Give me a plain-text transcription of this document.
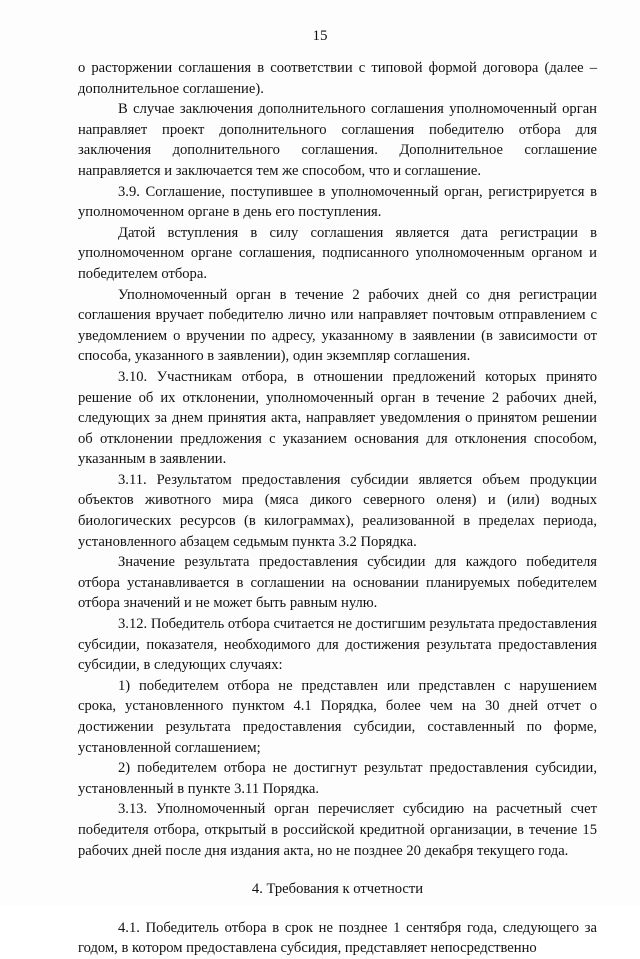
15

о расторжении соглашения в соответствии с типовой формой договора (далее – дополнительное соглашение).

В случае заключения дополнительного соглашения уполномоченный орган направляет проект дополнительного соглашения победителю отбора для заключения дополнительного соглашения. Дополнительное соглашение направляется и заключается тем же способом, что и соглашение.

3.9. Соглашение, поступившее в уполномоченный орган, регистрируется в уполномоченном органе в день его поступления.

Датой вступления в силу соглашения является дата регистрации в уполномоченном органе соглашения, подписанного уполномоченным органом и победителем отбора.

Уполномоченный орган в течение 2 рабочих дней со дня регистрации соглашения вручает победителю лично или направляет почтовым отправлением с уведомлением о вручении по адресу, указанному в заявлении (в зависимости от способа, указанного в заявлении), один экземпляр соглашения.

3.10. Участникам отбора, в отношении предложений которых принято решение об их отклонении, уполномоченный орган в течение 2 рабочих дней, следующих за днем принятия акта, направляет уведомления о принятом решении об отклонении предложения с указанием основания для отклонения способом, указанным в заявлении.

3.11. Результатом предоставления субсидии является объем продукции объектов животного мира (мяса дикого северного оленя) и (или) водных биологических ресурсов (в килограммах), реализованной в пределах периода, установленного абзацем седьмым пункта 3.2 Порядка.

Значение результата предоставления субсидии для каждого победителя отбора устанавливается в соглашении на основании планируемых победителем отбора значений и не может быть равным нулю.

3.12. Победитель отбора считается не достигшим результата предоставления субсидии, показателя, необходимого для достижения результата предоставления субсидии, в следующих случаях:

1) победителем отбора не представлен или представлен с нарушением срока, установленного пунктом 4.1 Порядка, более чем на 30 дней отчет о достижении результата предоставления субсидии, составленный по форме, установленной соглашением;

2) победителем отбора не достигнут результат предоставления субсидии, установленный в пункте 3.11 Порядка.

3.13. Уполномоченный орган перечисляет субсидию на расчетный счет победителя отбора, открытый в российской кредитной организации, в течение 15 рабочих дней после дня издания акта, но не позднее 20 декабря текущего года.

4. Требования к отчетности

4.1. Победитель отбора в срок не позднее 1 сентября года, следующего за годом, в котором предоставлена субсидия, представляет непосредственно
